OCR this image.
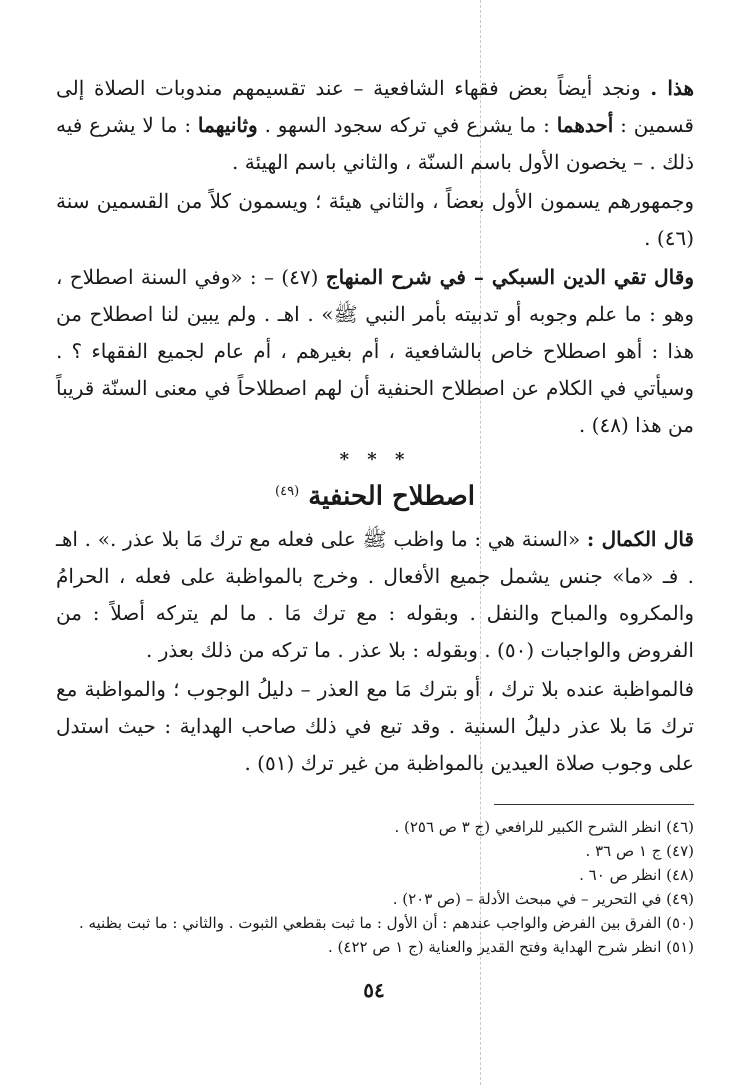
هذا . ونجد أيضاً بعض فقهاء الشافعية – عند تقسيمهم مندوبات الصلاة إلى قسمين : أحدهما : ما يشرع في تركه سجود السهو . وثانيهما : ما لا يشرع فيه ذلك . – يخصون الأول باسم السنّة ، والثاني باسم الهيئة .

وجمهورهم يسمون الأول بعضاً ، والثاني هيئة ؛ ويسمون كلاً من القسمين سنة (٤٦) .

وقال تقي الدين السبكي – في شرح المنهاج (٤٧) – : «وفي السنة اصطلاح ، وهو : ما علم وجوبه أو تدبيته بأمر النبي ﷺ» . اهـ . ولم يبين لنا اصطلاح من هذا : أهو اصطلاح خاص بالشافعية ، أم بغيرهم ، أم عام لجميع الفقهاء ؟ . وسيأتي في الكلام عن اصطلاح الحنفية أن لهم اصطلاحاً في معنى السنّة قريباً من هذا (٤٨) .

* * *
اصطلاح الحنفية $^{(٤٩)}$

قال الكمال : «السنة هي : ما واظب ﷺ على فعله مع ترك مَا بلا عذر .» . اهـ . فـ «ما» جنس يشمل جميع الأفعال . وخرج بالمواظبة على فعله ، الحرامُ والمكروه والمباح والنفل . وبقوله : مع ترك مَا . ما لم يتركه أصلاً : من الفروض والواجبات (٥٠) . وبقوله : بلا عذر . ما تركه من ذلك بعذر .

فالمواظبة عنده بلا ترك ، أو بترك مَا مع العذر – دليلُ الوجوب ؛ والمواظبة مع ترك مَا بلا عذر دليلُ السنية . وقد تبع في ذلك صاحب الهداية : حيث استدل على وجوب صلاة العيدين بالمواظبة من غير ترك (٥١) .

(٤٦) انظر الشرح الكبير للرافعي (ج ٣ ص ٢٥٦) .

(٤٧) ج ١ ص ٣٦ .

(٤٨) انظر ص ٦٠ .

(٤٩) في التحرير – في مبحث الأدلة – (ص ٢٠٣) .

(٥٠) الفرق بين الفرض والواجب عندهم : أن الأول : ما ثبت بقطعي الثبوت . والثاني : ما ثبت بظنيه .

(٥١) انظر شرح الهداية وفتح القدير والعناية (ج ١ ص ٤٢٢) .

٥٤
